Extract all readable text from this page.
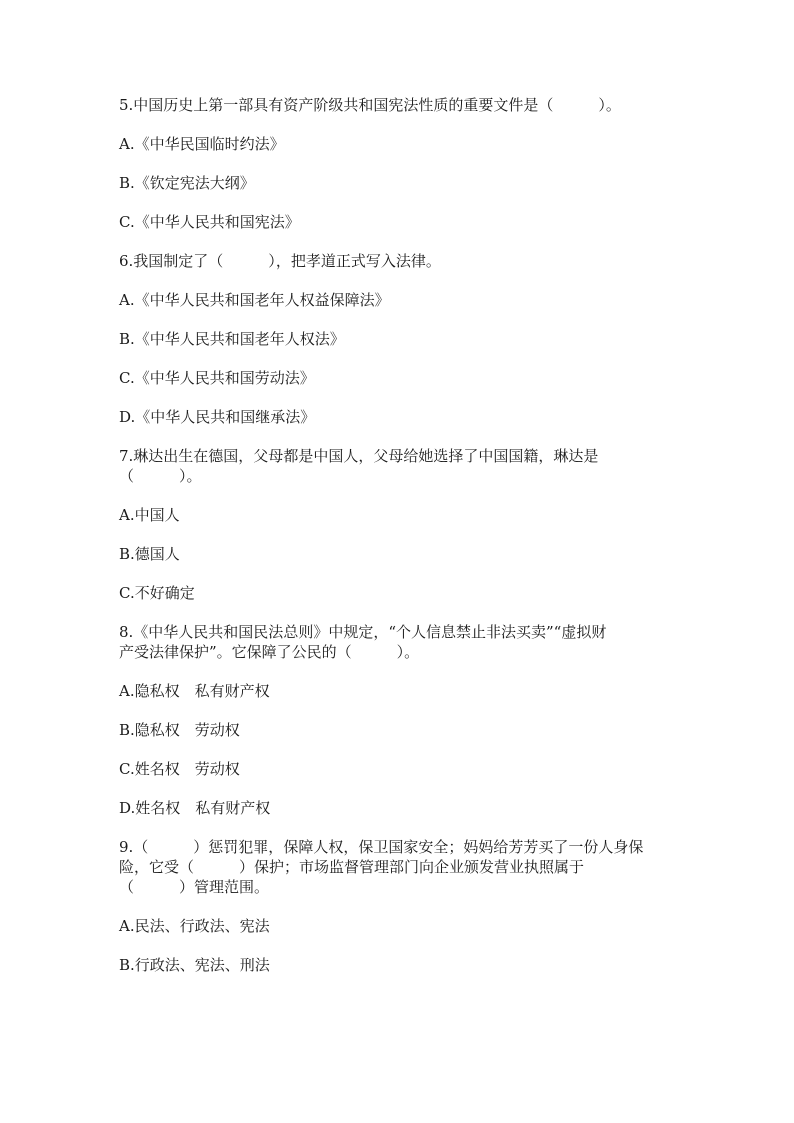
5.中国历史上第一部具有资产阶级共和国宪法性质的重要文件是（　　　）。

A.《中华民国临时约法》

B.《钦定宪法大纲》

C.《中华人民共和国宪法》

6.我国制定了（　　　），把孝道正式写入法律。

A.《中华人民共和国老年人权益保障法》

B.《中华人民共和国老年人权法》

C.《中华人民共和国劳动法》

D.《中华人民共和国继承法》

7.琳达出生在德国，父母都是中国人，父母给她选择了中国国籍，琳达是
（　　　）。

A.中国人

B.德国人

C.不好确定

8.《中华人民共和国民法总则》中规定，“个人信息禁止非法买卖”“虚拟财
产受法律保护”。它保障了公民的（　　　）。

A.隐私权　私有财产权

B.隐私权　劳动权

C.姓名权　劳动权

D.姓名权　私有财产权

9.（　　　）惩罚犯罪，保障人权，保卫国家安全；妈妈给芳芳买了一份人身保
险，它受（　　　）保护；市场监督管理部门向企业颁发营业执照属于
（　　　）管理范围。

A.民法、行政法、宪法

B.行政法、宪法、刑法
